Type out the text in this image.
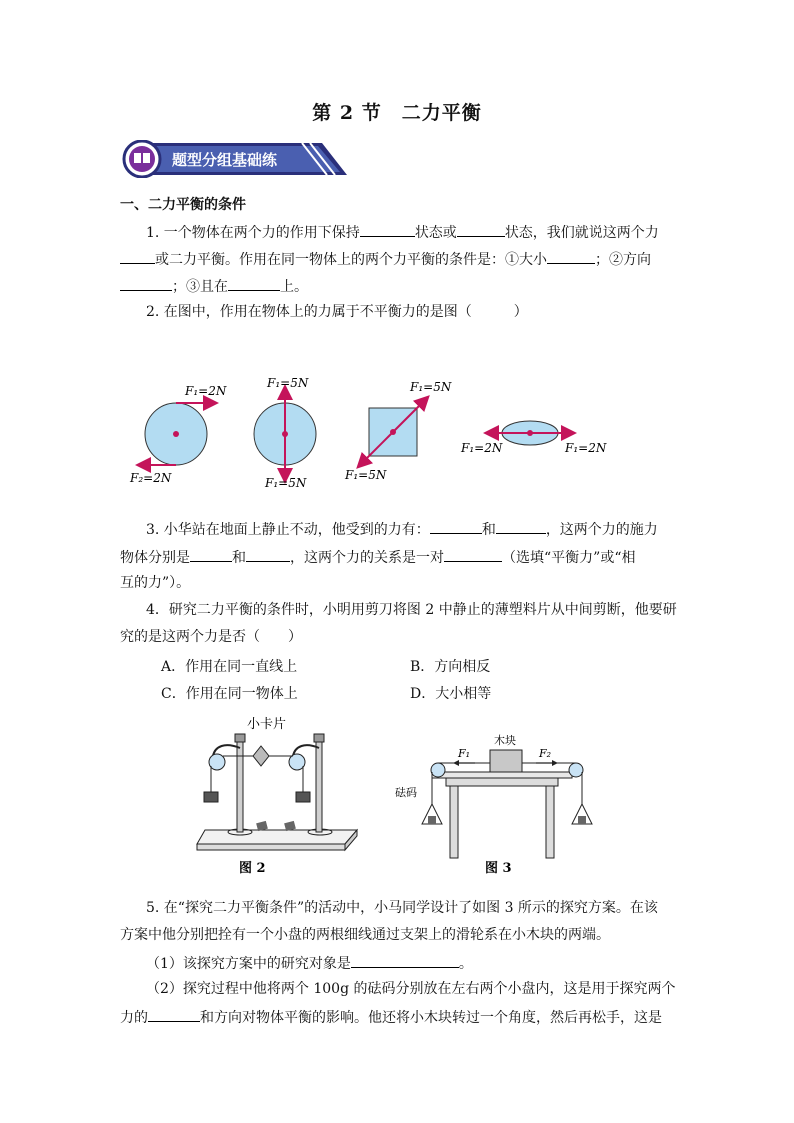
第 2 节　二力平衡
题型分组基础练
一、二力平衡的条件
1. 一个物体在两个力的作用下保持	状态或	状态，我们就说这两个力
或二力平衡。作用在同一物体上的两个力平衡的条件是：①大小	；②方向
；③且在	上。
2. 在图中，作用在物体上的力属于不平衡力的是图（　　　）
F₁=2N
F₂=2N
F₁=5N
F₁=5N
F₁=5N
F₁=5N
F₁=2N	F₁=2N
3. 小华站在地面上静止不动，他受到的力有：	和	，这两个力的施力
物体分别是	和	，这两个力的关系是一对	（选填“平衡力”或“相
互的力”）。
4．研究二力平衡的条件时，小明用剪刀将图 2 中静止的薄塑料片从中间剪断，他要研
究的是这两个力是否（　　）
A．作用在同一直线上	B．方向相反
C．作用在同一物体上	D．大小相等
小卡片
图 2
木块
F₁	F₂
砝码
图 3
5. 在“探究二力平衡条件”的活动中，小马同学设计了如图 3 所示的探究方案。在该
方案中他分别把拴有一个小盘的两根细线通过支架上的滑轮系在小木块的两端。
（1）该探究方案中的研究对象是	。
（2）探究过程中他将两个 100g 的砝码分别放在左右两个小盘内，这是用于探究两个
力的	和方向对物体平衡的影响。他还将小木块转过一个角度，然后再松手，这是
